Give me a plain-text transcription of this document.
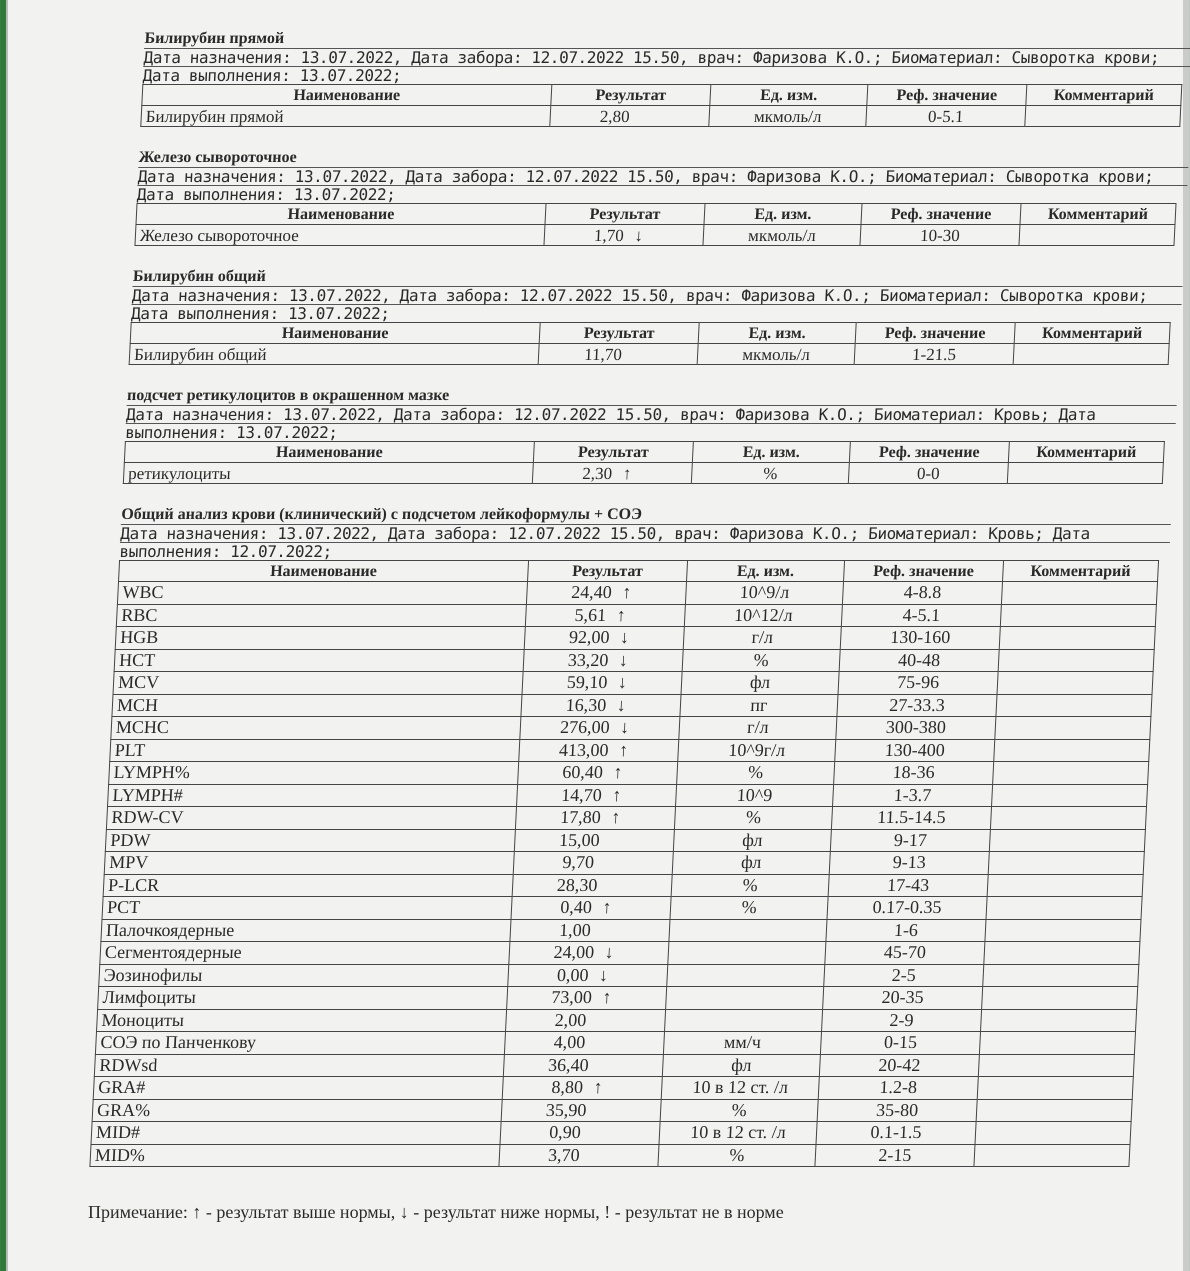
Билирубин прямой
Дата назначения: 13.07.2022, Дата забора: 12.07.2022 15.50, врач: Фаризова К.О.; Биоматериал: Сыворотка крови;
Дата выполнения: 13.07.2022;
Наименование	Результат	Ед. изм.	Реф. значение	Комментарий
Билирубин прямой	2,80	мкмоль/л	0-5.1	
Железо сывороточное
Дата назначения: 13.07.2022, Дата забора: 12.07.2022 15.50, врач: Фаризова К.О.; Биоматериал: Сыворотка крови;
Дата выполнения: 13.07.2022;
Наименование	Результат	Ед. изм.	Реф. значение	Комментарий
Железо сывороточное	1,70 ↓	мкмоль/л	10-30	
Билирубин общий
Дата назначения: 13.07.2022, Дата забора: 12.07.2022 15.50, врач: Фаризова К.О.; Биоматериал: Сыворотка крови;
Дата выполнения: 13.07.2022;
Наименование	Результат	Ед. изм.	Реф. значение	Комментарий
Билирубин общий	11,70	мкмоль/л	1-21.5	
подсчет ретикулоцитов в окрашенном мазке
Дата назначения: 13.07.2022, Дата забора: 12.07.2022 15.50, врач: Фаризова К.О.; Биоматериал: Кровь; Дата
выполнения: 13.07.2022;
Наименование	Результат	Ед. изм.	Реф. значение	Комментарий
ретикулоциты	2,30 ↑	%	0-0	
Общий анализ крови (клинический) с подсчетом лейкоформулы + СОЭ
Дата назначения: 13.07.2022, Дата забора: 12.07.2022 15.50, врач: Фаризова К.О.; Биоматериал: Кровь; Дата
выполнения: 12.07.2022;
Наименование	Результат	Ед. изм.	Реф. значение	Комментарий
WBC	24,40 ↑	10^9/л	4-8.8	
RBC	5,61 ↑	10^12/л	4-5.1	
HGB	92,00 ↓	г/л	130-160	
HCT	33,20 ↓	%	40-48	
MCV	59,10 ↓	фл	75-96	
MCH	16,30 ↓	пг	27-33.3	
MCHC	276,00 ↓	г/л	300-380	
PLT	413,00 ↑	10^9г/л	130-400	
LYMPH%	60,40 ↑	%	18-36	
LYMPH#	14,70 ↑	10^9	1-3.7	
RDW-CV	17,80 ↑	%	11.5-14.5	
PDW	15,00	фл	9-17	
MPV	9,70	фл	9-13	
P-LCR	28,30	%	17-43	
PCT	0,40 ↑	%	0.17-0.35	
Палочкоядерные	1,00		1-6	
Сегментоядерные	24,00 ↓		45-70	
Эозинофилы	0,00 ↓		2-5	
Лимфоциты	73,00 ↑		20-35	
Моноциты	2,00		2-9	
СОЭ по Панченкову	4,00	мм/ч	0-15	
RDWsd	36,40	фл	20-42	
GRA#	8,80 ↑	10 в 12 ст. /л	1.2-8	
GRA%	35,90	%	35-80	
MID#	0,90	10 в 12 ст. /л	0.1-1.5	
MID%	3,70	%	2-15	
Примечание: ↑ - результат выше нормы, ↓ - результат ниже нормы, ! - результат не в норме
